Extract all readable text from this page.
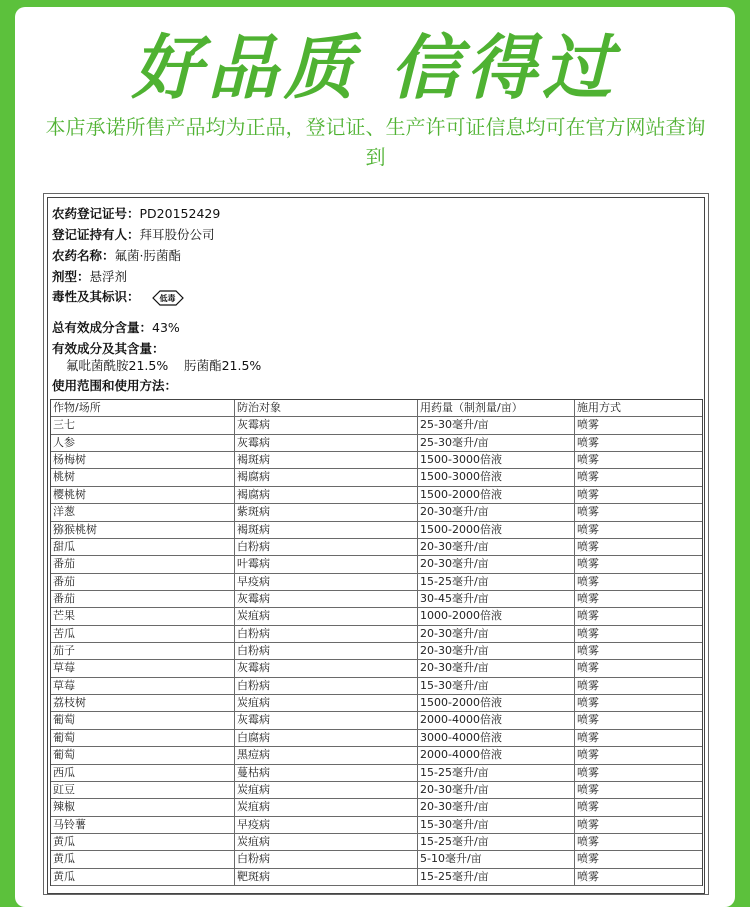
好品质 信得过
本店承诺所售产品均为正品，登记证、生产许可证信息均可在官方网站查询到
农药登记证号：PD20152429
登记证持有人：拜耳股份公司
农药名称：氟菌·肟菌酯
剂型：悬浮剂
毒性及其标识：	低毒
总有效成分含量：43%
有效成分及其含量：
氟吡菌酰胺21.5%    肟菌酯21.5%
使用范围和使用方法：
作物/场所	防治对象	用药量（制剂量/亩）	施用方式
三七	灰霉病	25-30毫升/亩	喷雾
人参	灰霉病	25-30毫升/亩	喷雾
杨梅树	褐斑病	1500-3000倍液	喷雾
桃树	褐腐病	1500-3000倍液	喷雾
樱桃树	褐腐病	1500-2000倍液	喷雾
洋葱	紫斑病	20-30毫升/亩	喷雾
猕猴桃树	褐斑病	1500-2000倍液	喷雾
甜瓜	白粉病	20-30毫升/亩	喷雾
番茄	叶霉病	20-30毫升/亩	喷雾
番茄	早疫病	15-25毫升/亩	喷雾
番茄	灰霉病	30-45毫升/亩	喷雾
芒果	炭疽病	1000-2000倍液	喷雾
苦瓜	白粉病	20-30毫升/亩	喷雾
茄子	白粉病	20-30毫升/亩	喷雾
草莓	灰霉病	20-30毫升/亩	喷雾
草莓	白粉病	15-30毫升/亩	喷雾
荔枝树	炭疽病	1500-2000倍液	喷雾
葡萄	灰霉病	2000-4000倍液	喷雾
葡萄	白腐病	3000-4000倍液	喷雾
葡萄	黑痘病	2000-4000倍液	喷雾
西瓜	蔓枯病	15-25毫升/亩	喷雾
豇豆	炭疽病	20-30毫升/亩	喷雾
辣椒	炭疽病	20-30毫升/亩	喷雾
马铃薯	早疫病	15-30毫升/亩	喷雾
黄瓜	炭疽病	15-25毫升/亩	喷雾
黄瓜	白粉病	5-10毫升/亩	喷雾
黄瓜	靶斑病	15-25毫升/亩	喷雾
